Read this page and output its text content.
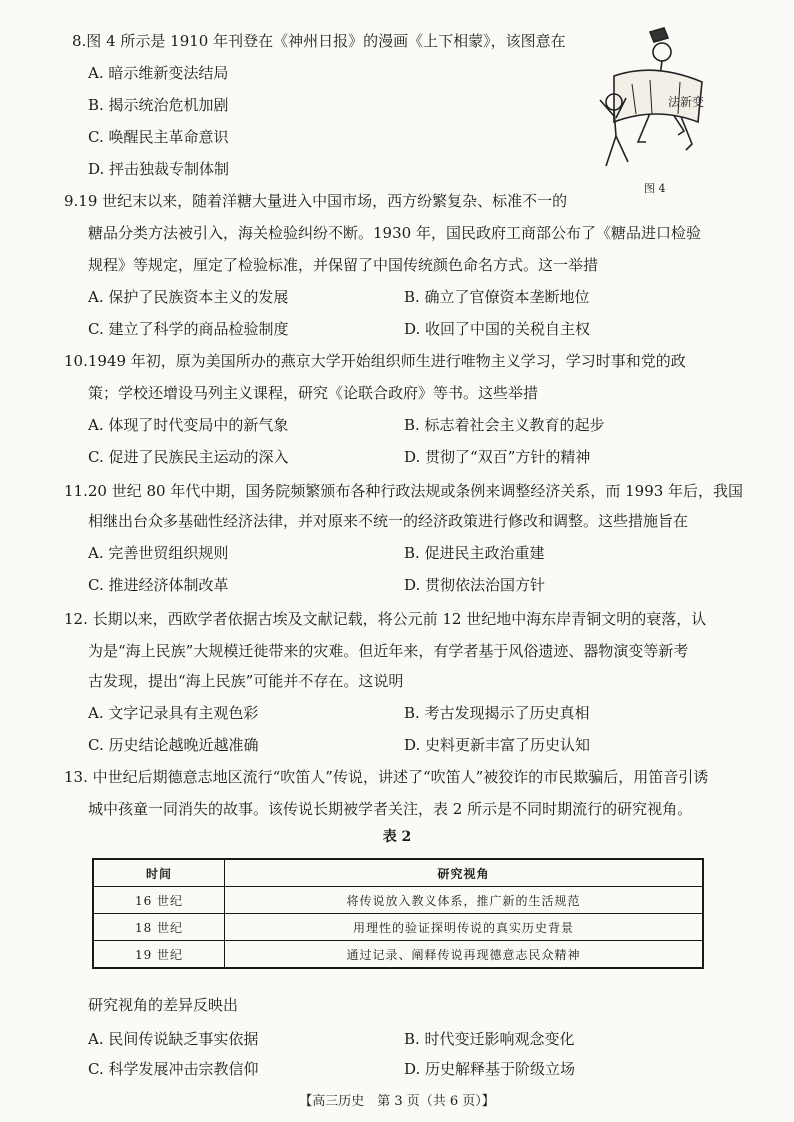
8.图 4 所示是 1910 年刊登在《神州日报》的漫画《上下相蒙》，该图意在
A. 暗示维新变法结局
B. 揭示统治危机加剧
C. 唤醒民主革命意识
D. 抨击独裁专制体制
法新变
图 4
9.19 世纪末以来，随着洋糖大量进入中国市场，西方纷繁复杂、标准不一的
糖品分类方法被引入，海关检验纠纷不断。1930 年，国民政府工商部公布了《糖品进口检验
规程》等规定，厘定了检验标准，并保留了中国传统颜色命名方式。这一举措
A. 保护了民族资本主义的发展	B. 确立了官僚资本垄断地位
C. 建立了科学的商品检验制度	D. 收回了中国的关税自主权
10.1949 年初，原为美国所办的燕京大学开始组织师生进行唯物主义学习，学习时事和党的政
策；学校还增设马列主义课程，研究《论联合政府》等书。这些举措
A. 体现了时代变局中的新气象	B. 标志着社会主义教育的起步
C. 促进了民族民主运动的深入	D. 贯彻了“双百”方针的精神
11.20 世纪 80 年代中期，国务院频繁颁布各种行政法规或条例来调整经济关系，而 1993 年后，我国
相继出台众多基础性经济法律，并对原来不统一的经济政策进行修改和调整。这些措施旨在
A. 完善世贸组织规则	B. 促进民主政治重建
C. 推进经济体制改革	D. 贯彻依法治国方针
12. 长期以来，西欧学者依据古埃及文献记载，将公元前 12 世纪地中海东岸青铜文明的衰落，认
为是“海上民族”大规模迁徙带来的灾难。但近年来，有学者基于风俗遗迹、器物演变等新考
古发现，提出“海上民族”可能并不存在。这说明
A. 文字记录具有主观色彩	B. 考古发现揭示了历史真相
C. 历史结论越晚近越准确	D. 史料更新丰富了历史认知
13. 中世纪后期德意志地区流行“吹笛人”传说，讲述了“吹笛人”被狡诈的市民欺骗后，用笛音引诱
城中孩童一同消失的故事。该传说长期被学者关注，表 2 所示是不同时期流行的研究视角。
表 2
时间	研究视角
16 世纪	将传说放入教义体系，推广新的生活规范
18 世纪	用理性的验证探明传说的真实历史背景
19 世纪	通过记录、阐释传说再现德意志民众精神
研究视角的差异反映出
A. 民间传说缺乏事实依据	B. 时代变迁影响观念变化
C. 科学发展冲击宗教信仰	D. 历史解释基于阶级立场
【高三历史　第 3 页（共 6 页）】
